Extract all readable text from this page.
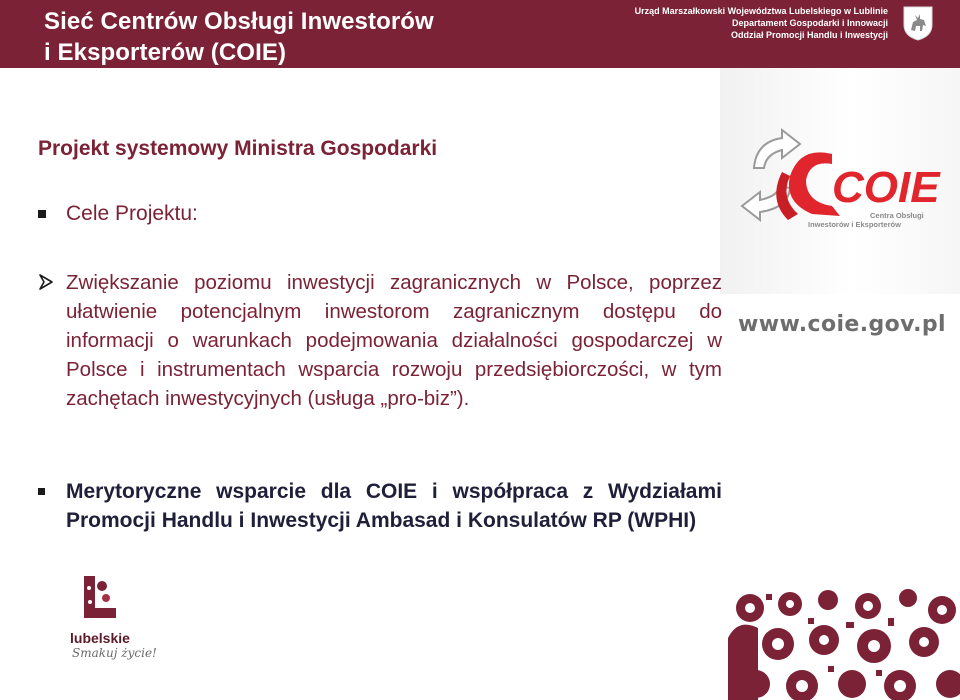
Sieć Centrów Obsługi Inwestorów
i Eksporterów (COIE)
Urząd Marszałkowski Województwa Lubelskiego w Lublinie
Departament Gospodarki i Innowacji
Oddział Promocji Handlu i Inwestycji
COIE
Centra Obsługi
Inwestorów i Eksporterów
www.coie.gov.pl
Projekt systemowy Ministra Gospodarki
Cele Projektu:
Zwiększanie poziomu inwestycji zagranicznych w Polsce, poprzez ułatwienie potencjalnym inwestorom zagranicznym dostępu do informacji o warunkach podejmowania działalności gospodarczej w Polsce i instrumentach wsparcia rozwoju przedsiębiorczości, w tym zachętach inwestycyjnych (usługa „pro-biz”).
Merytoryczne wsparcie dla COIE i współpraca z Wydziałami Promocji Handlu i Inwestycji Ambasad i Konsulatów RP (WPHI)
lubelskie
Smakuj życie!
